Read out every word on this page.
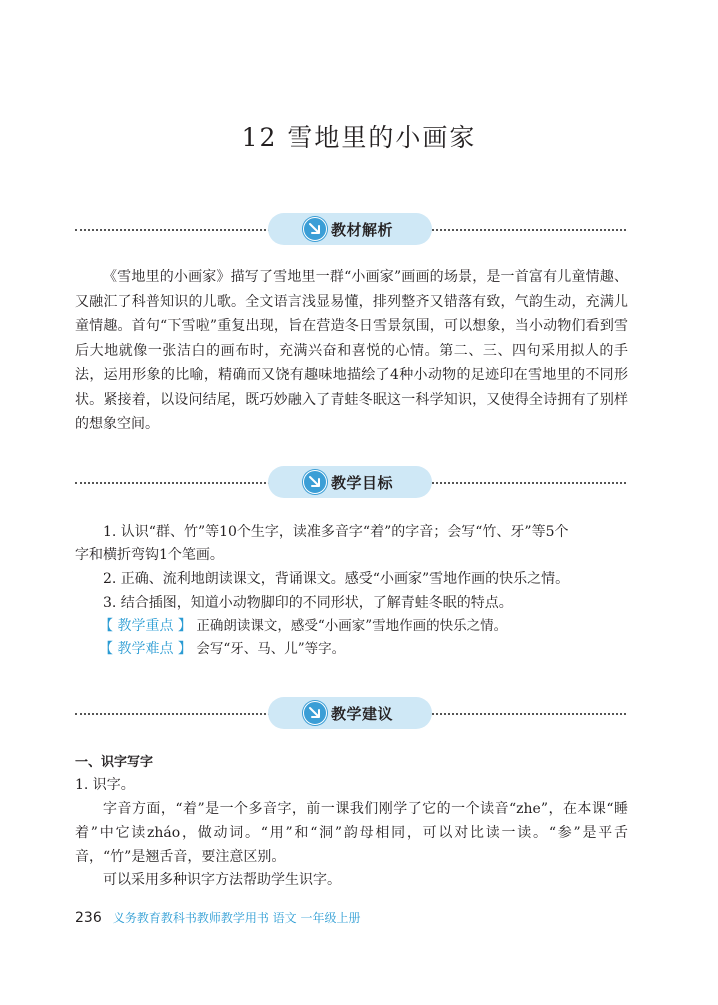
12 雪地里的小画家
教材解析

《雪地里的小画家》描写了雪地里一群“小画家”画画的场景，是一首富有儿童情趣、又融汇了科普知识的儿歌。全文语言浅显易懂，排列整齐又错落有致，气韵生动，充满儿童情趣。首句“下雪啦”重复出现，旨在营造冬日雪景氛围，可以想象，当小动物们看到雪后大地就像一张洁白的画布时，充满兴奋和喜悦的心情。第二、三、四句采用拟人的手法，运用形象的比喻，精确而又饶有趣味地描绘了4种小动物的足迹印在雪地里的不同形状。紧接着，以设问结尾，既巧妙融入了青蛙冬眠这一科学知识，又使得全诗拥有了别样的想象空间。

教学目标
1. 认识“群、竹”等10个生字，读准多音字“着”的字音；会写“竹、牙”等5个
字和横折弯钩1个笔画。
2. 正确、流利地朗读课文，背诵课文。感受“小画家”雪地作画的快乐之情。
3. 结合插图，知道小动物脚印的不同形状，了解青蛙冬眠的特点。
【 教学重点 】 正确朗读课文，感受“小画家”雪地作画的快乐之情。
【 教学难点 】 会写“牙、马、儿”等字。
教学建议
一、识字写字
1. 识字。

字音方面，“着”是一个多音字，前一课我们刚学了它的一个读音“zhe”，在本课“睡着”中它读zháo，做动词。“用”和“洞”韵母相同，可以对比读一读。“参”是平舌音，“竹”是翘舌音，要注意区别。

可以采用多种识字方法帮助学生识字。
236 义务教育教科书教师教学用书 语文 一年级上册
